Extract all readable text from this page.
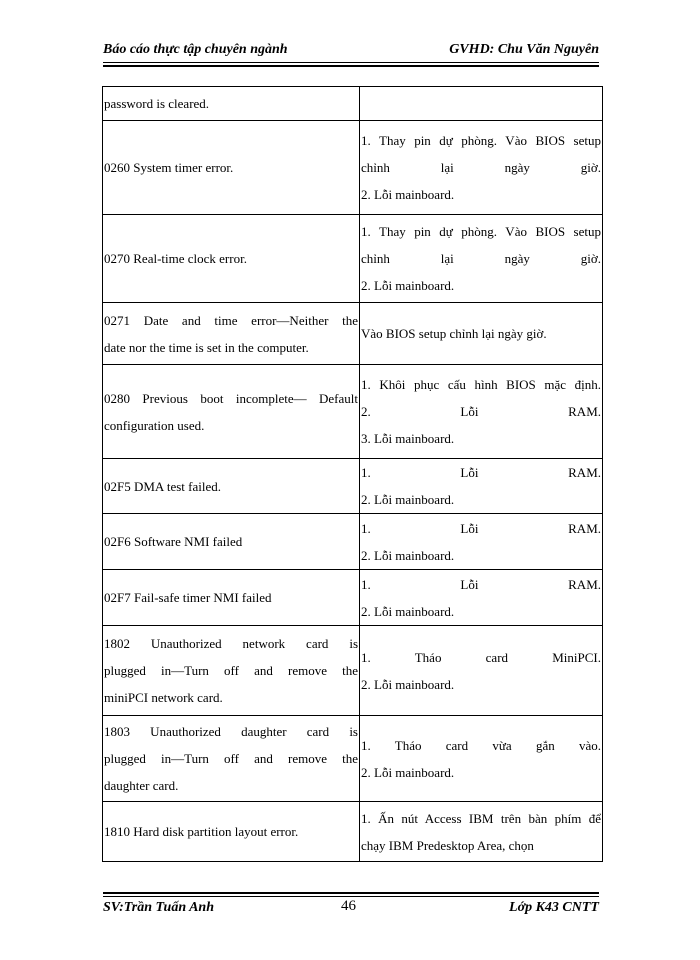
Báo cáo thực tập chuyên ngành	GVHD: Chu Văn Nguyên
password is cleared.	

0260 System timer error.	1. Thay pin dự phòng. Vào BIOS setup
chỉnh lại ngày giờ.
2. Lỗi mainboard.

0270 Real-time clock error.	1. Thay pin dự phòng. Vào BIOS setup
chỉnh lại ngày giờ.
2. Lỗi mainboard.

0271 Date and time error—Neither the
date nor the time is set in the computer.	Vào BIOS setup chỉnh lại ngày giờ.

0280 Previous boot incomplete— Default
configuration used.	1. Khôi phục cấu hình BIOS mặc định.
2. Lỗi RAM.
3. Lỗi mainboard.

02F5 DMA test failed.	1. Lỗi RAM.
2. Lỗi mainboard.

02F6 Software NMI failed	1. Lỗi RAM.
2. Lỗi mainboard.

02F7 Fail-safe timer NMI failed	1. Lỗi RAM.
2. Lỗi mainboard.

1802 Unauthorized network card is
plugged in—Turn off and remove the
miniPCI network card.	1. Tháo card MiniPCI.
2. Lỗi mainboard.

1803 Unauthorized daughter card is
plugged in—Turn off and remove the
daughter card.	1. Tháo card vừa gắn vào.
2. Lỗi mainboard.

1810 Hard disk partition layout error.	1. Ấn nút Access IBM trên bàn phím để
chạy IBM Predesktop Area, chọn
SV:Trần Tuấn Anh	46	Lớp K43 CNTT
